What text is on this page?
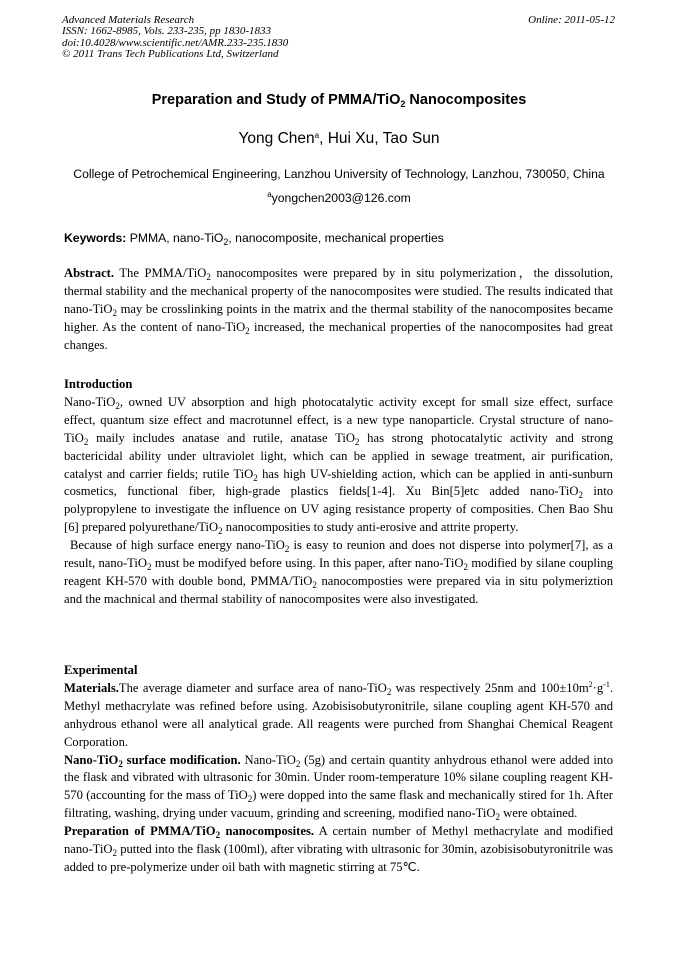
Advanced Materials Research
ISSN: 1662-8985, Vols. 233-235, pp 1830-1833
doi:10.4028/www.scientific.net/AMR.233-235.1830
© 2011 Trans Tech Publications Ltd, Switzerland
Online: 2011-05-12
Preparation and Study of PMMA/TiO$_2$ Nanocomposites
Yong Chen$^a$, Hui Xu, Tao Sun
College of Petrochemical Engineering, Lanzhou University of Technology, Lanzhou, 730050, China
$^a$yongchen2003@126.com
Keywords: PMMA, nano-TiO$_2$, nanocomposite, mechanical properties

Abstract. The PMMA/TiO$_2$ nanocomposites were prepared by in situ polymerization，the dissolution, thermal stability and the mechanical property of the nanocomposites were studied. The results indicated that nano-TiO$_2$ may be crosslinking points in the matrix and the thermal stability of the nanocomposites became higher. As the content of nano-TiO$_2$ increased, the mechanical properties of the nanocomposites had great changes.

Introduction

Nano-TiO$_2$, owned UV absorption and high photocatalytic activity except for small size effect, surface effect, quantum size effect and macrotunnel effect, is a new type nanoparticle. Crystal structure of nano- TiO$_2$ maily includes anatase and rutile, anatase TiO$_2$ has strong photocatalytic activity and strong bactericidal ability under ultraviolet light, which can be applied in sewage treatment, air purification, catalyst and carrier fields; rutile TiO$_2$ has high UV-shielding action, which can be applied in anti-sunburn cosmetics, functional fiber, high-grade plastics fields[1-4]. Xu Bin[5]etc added nano-TiO$_2$ into polypropylene to investigate the influence on UV aging resistance property of composities. Chen Bao Shu [6] prepared polyurethane/TiO$_2$ nanocomposities to study anti-erosive and attrite property.

Because of high surface energy nano-TiO$_2$ is easy to reunion and does not disperse into polymer[7], as a result, nano-TiO$_2$ must be modifyed before using. In this paper, after nano-TiO$_2$ modified by silane coupling reagent KH-570 with double bond, PMMA/TiO$_2$ nanocomposties were prepared via in situ polymeriztion and the machnical and thermal stability of nanocomposites were also investigated.

Experimental

Materials.The average diameter and surface area of nano-TiO$_2$ was respectively 25nm and $100\pm 10m^2\cdot g^{-1}$. Methyl methacrylate was refined before using. Azobisisobutyronitrile, silane coupling agent KH-570 and anhydrous ethanol were all analytical grade. All reagents were purched from Shanghai Chemical Reagent Corporation.

Nano-TiO$_2$ surface modification. Nano-TiO$_2$ (5g) and certain quantity anhydrous ethanol were added into the flask and vibrated with ultrasonic for 30min. Under room-temperature 10% silane coupling reagent KH-570 (accounting for the mass of TiO$_2$) were dopped into the same flask and mechanically stired for 1h. After filtrating, washing, drying under vacuum, grinding and screening, modified nano-TiO$_2$ were obtained.

Preparation of PMMA/TiO$_2$ nanocomposites. A certain number of Methyl methacrylate and modified nano-TiO$_2$ putted into the flask (100ml), after vibrating with ultrasonic for 30min, azobisisobutyronitrile was added to pre-polymerize under oil bath with magnetic stirring at 75℃.
